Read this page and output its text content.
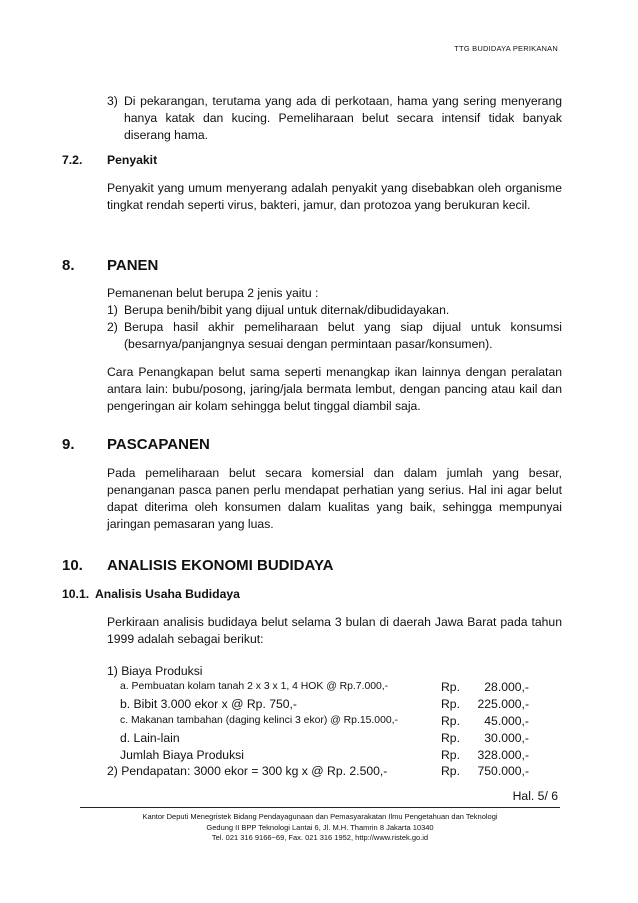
TTG BUDIDAYA PERIKANAN
3) Di pekarangan, terutama yang ada di perkotaan, hama yang sering menyerang hanya katak dan kucing. Pemeliharaan belut secara intensif tidak banyak diserang hama.
7.2. Penyakit
Penyakit yang umum menyerang adalah penyakit yang disebabkan oleh organisme tingkat rendah seperti virus, bakteri, jamur, dan protozoa yang berukuran kecil.
8. PANEN
Pemanenan belut berupa 2 jenis yaitu :
1) Berupa benih/bibit yang dijual untuk diternak/dibudidayakan.
2) Berupa hasil akhir pemeliharaan belut yang siap dijual untuk konsumsi (besarnya/panjangnya sesuai dengan permintaan pasar/konsumen).
Cara Penangkapan belut sama seperti menangkap ikan lainnya dengan peralatan antara lain: bubu/posong, jaring/jala bermata lembut, dengan pancing atau kail dan pengeringan air kolam sehingga belut tinggal diambil saja.
9. PASCAPANEN
Pada pemeliharaan belut secara komersial dan dalam jumlah yang besar, penanganan pasca panen perlu mendapat perhatian yang serius. Hal ini agar belut dapat diterima oleh konsumen dalam kualitas yang baik, sehingga mempunyai jaringan pemasaran yang luas.
10. ANALISIS EKONOMI BUDIDAYA
10.1. Analisis Usaha Budidaya
Perkiraan analisis budidaya belut selama 3 bulan di daerah Jawa Barat pada tahun 1999 adalah sebagai berikut:
1) Biaya Produksi
a. Pembuatan kolam tanah 2 x 3 x 1, 4 HOK @ Rp.7.000,-	Rp. 28.000,-
b. Bibit 3.000 ekor x @ Rp. 750,-	Rp. 225.000,-
c. Makanan tambahan (daging kelinci 3 ekor) @ Rp.15.000,-	Rp. 45.000,-
d. Lain-lain	Rp. 30.000,-
Jumlah Biaya Produksi	Rp. 328.000,-
2) Pendapatan: 3000 ekor = 300 kg x @ Rp. 2.500,-	Rp. 750.000,-
Hal. 5/ 6
Kantor Deputi Menegristek Bidang Pendayagunaan dan Pemasyarakatan Ilmu Pengetahuan dan Teknologi
Gedung II BPP Teknologi Lantai 6, Jl. M.H. Thamrin 8 Jakarta 10340
Tel. 021 316 9166~69, Fax. 021 316 1952, http://www.ristek.go.id
